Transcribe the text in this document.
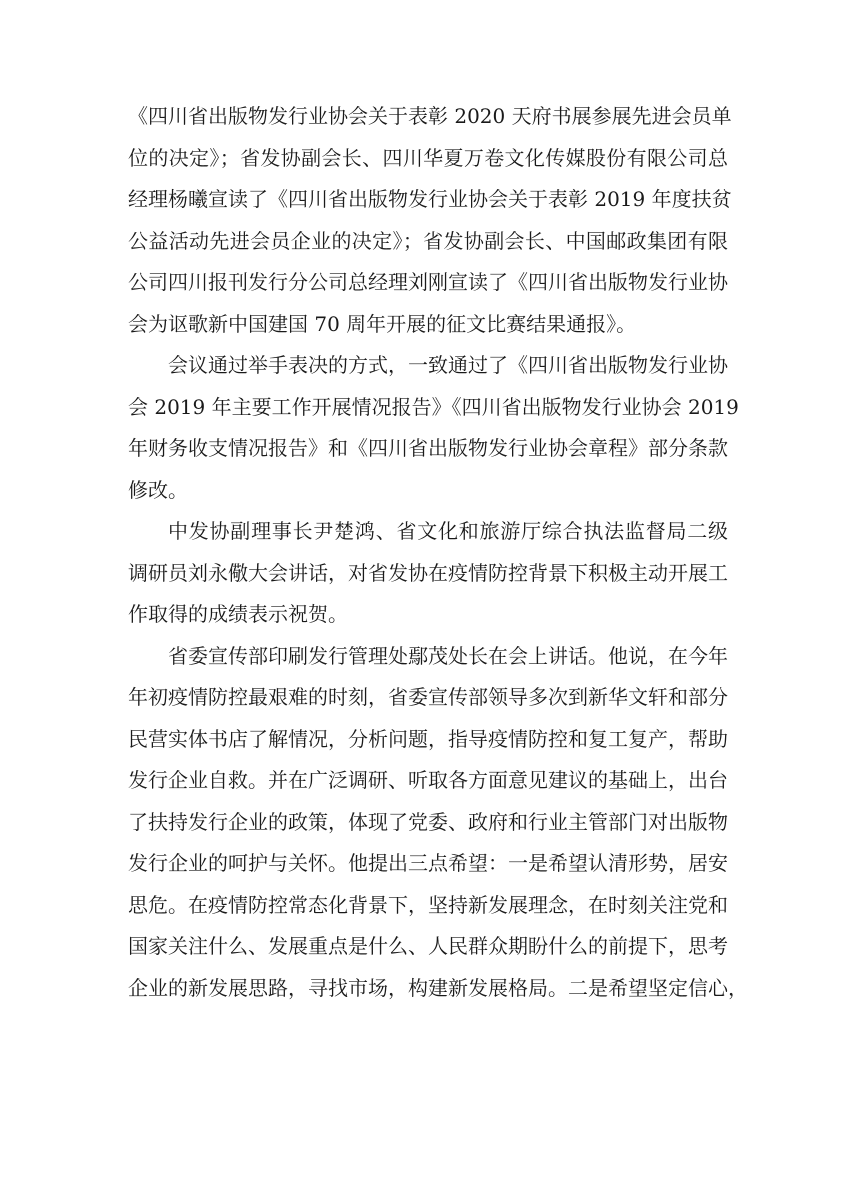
《四川省出版物发行业协会关于表彰 2020 天府书展参展先进会员单
位的决定》；省发协副会长、四川华夏万卷文化传媒股份有限公司总
经理杨曦宣读了《四川省出版物发行业协会关于表彰 2019 年度扶贫
公益活动先进会员企业的决定》；省发协副会长、中国邮政集团有限
公司四川报刊发行分公司总经理刘刚宣读了《四川省出版物发行业协
会为讴歌新中国建国 70 周年开展的征文比赛结果通报》。
会议通过举手表决的方式，一致通过了《四川省出版物发行业协
会 2019 年主要工作开展情况报告》《四川省出版物发行业协会 2019
年财务收支情况报告》和《四川省出版物发行业协会章程》部分条款
修改。
中发协副理事长尹楚鸿、省文化和旅游厅综合执法监督局二级
调研员刘永儆大会讲话，对省发协在疫情防控背景下积极主动开展工
作取得的成绩表示祝贺。
省委宣传部印刷发行管理处鄢茂处长在会上讲话。他说，在今年
年初疫情防控最艰难的时刻，省委宣传部领导多次到新华文轩和部分
民营实体书店了解情况，分析问题，指导疫情防控和复工复产，帮助
发行企业自救。并在广泛调研、听取各方面意见建议的基础上，出台
了扶持发行企业的政策，体现了党委、政府和行业主管部门对出版物
发行企业的呵护与关怀。他提出三点希望：一是希望认清形势，居安
思危。在疫情防控常态化背景下，坚持新发展理念，在时刻关注党和
国家关注什么、发展重点是什么、人民群众期盼什么的前提下，思考
企业的新发展思路，寻找市场，构建新发展格局。二是希望坚定信心，
